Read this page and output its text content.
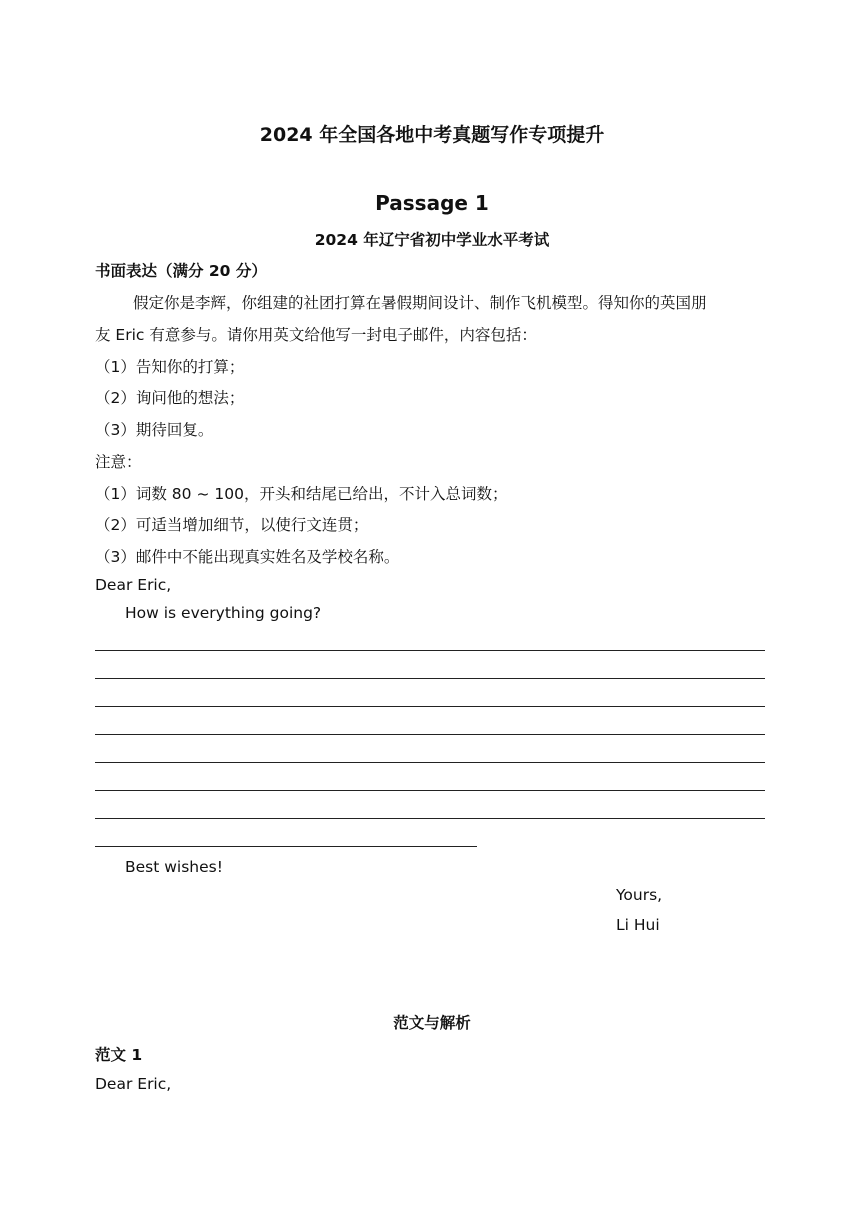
2024 年全国各地中考真题写作专项提升
Passage 1
2024 年辽宁省初中学业水平考试
书面表达（满分 20 分）
假定你是李辉，你组建的社团打算在暑假期间设计、制作飞机模型。得知你的英国朋
友 Eric 有意参与。请你用英文给他写一封电子邮件，内容包括：
（1）告知你的打算；
（2）询问他的想法；
（3）期待回复。
注意：
（1）词数 80 ~ 100，开头和结尾已给出，不计入总词数；
（2）可适当增加细节，以使行文连贯；
（3）邮件中不能出现真实姓名及学校名称。
Dear Eric,
How is everything going?
Best wishes!
Yours,
Li Hui
范文与解析
范文 1
Dear Eric,
